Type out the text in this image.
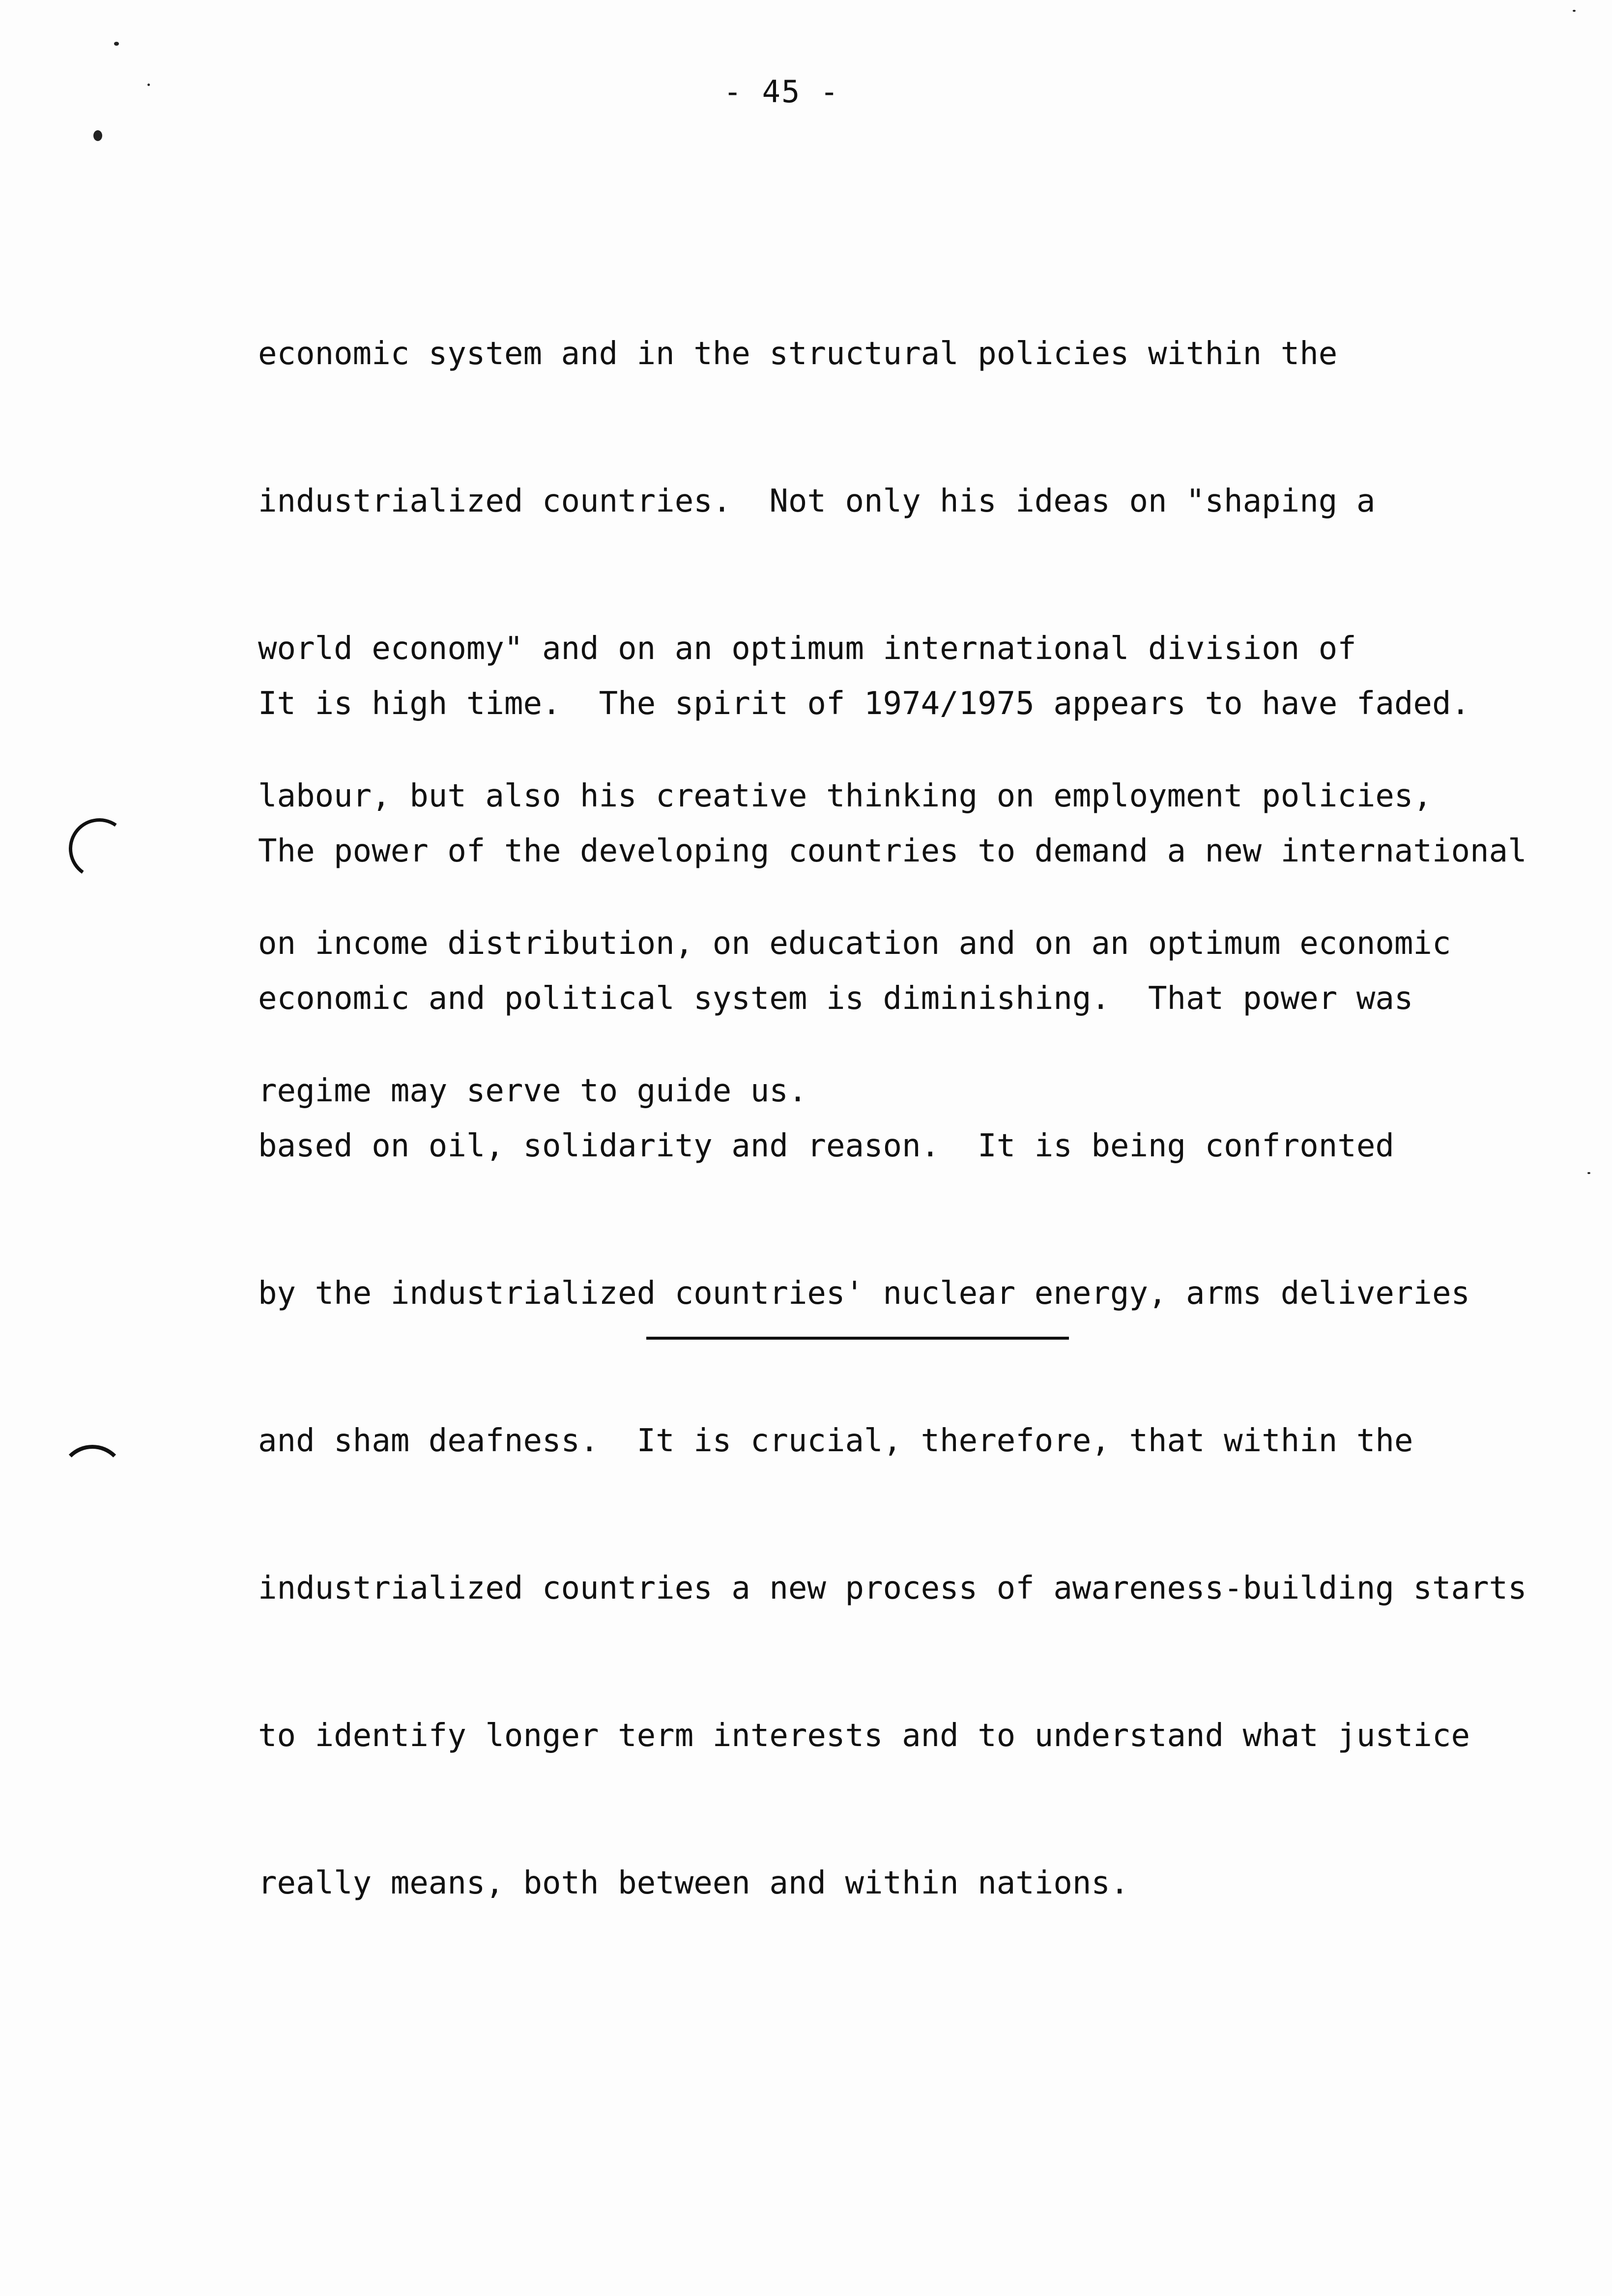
- 45 -

economic system and in the structural policies within the

industrialized countries.  Not only his ideas on "shaping a

world economy" and on an optimum international division of

labour, but also his creative thinking on employment policies,

on income distribution, on education and on an optimum economic

regime may serve to guide us.

It is high time.  The spirit of 1974/1975 appears to have faded.

The power of the developing countries to demand a new international

economic and political system is diminishing.  That power was

based on oil, solidarity and reason.  It is being confronted

by the industrialized countries' nuclear energy, arms deliveries

and sham deafness.  It is crucial, therefore, that within the

industrialized countries a new process of awareness-building starts

to identify longer term interests and to understand what justice

really means, both between and within nations.
